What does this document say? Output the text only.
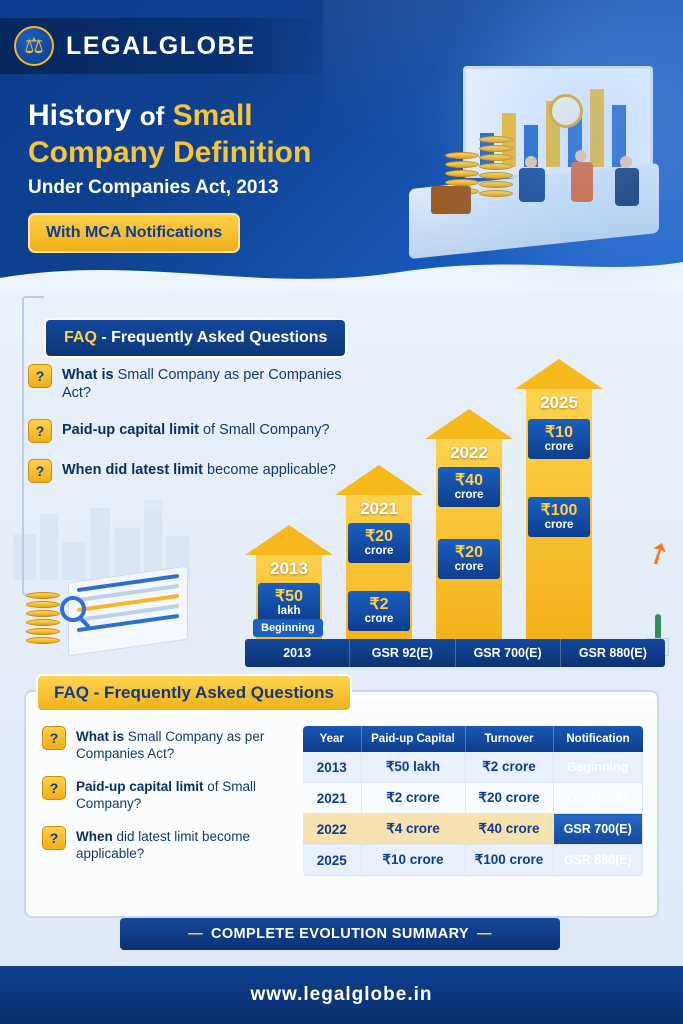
⚖ LEGALGLOBE
History of Small
Company Definition
Under Companies Act, 2013
With MCA Notifications
FAQ - Frequently Asked Questions
?	What is Small Company as per Companies Act?
?	Paid-up capital limit of Small Company?
?	When did latest limit become applicable?
2013
₹50
lakh
2021
₹20
crore
₹2
crore
2022
₹40
crore
₹20
crore
2025
₹10
crore
₹100
crore
➚
Beginning
2013	GSR 92(E)	GSR 700(E)	GSR 880(E)
FAQ - Frequently Asked Questions
?	What is Small Company as per Companies Act?
?	Paid-up capital limit of Small Company?
?	When did latest limit become applicable?
Year	Paid-up Capital	Turnover	Notification
2013	₹50 lakh	₹2 crore	Beginning
2021	₹2 crore	₹20 crore	GSR 92(E)
2022	₹4 crore	₹40 crore	GSR 700(E)
2025	₹10 crore	₹100 crore	GSR 880(E)
— COMPLETE EVOLUTION SUMMARY —
www.legalglobe.in
